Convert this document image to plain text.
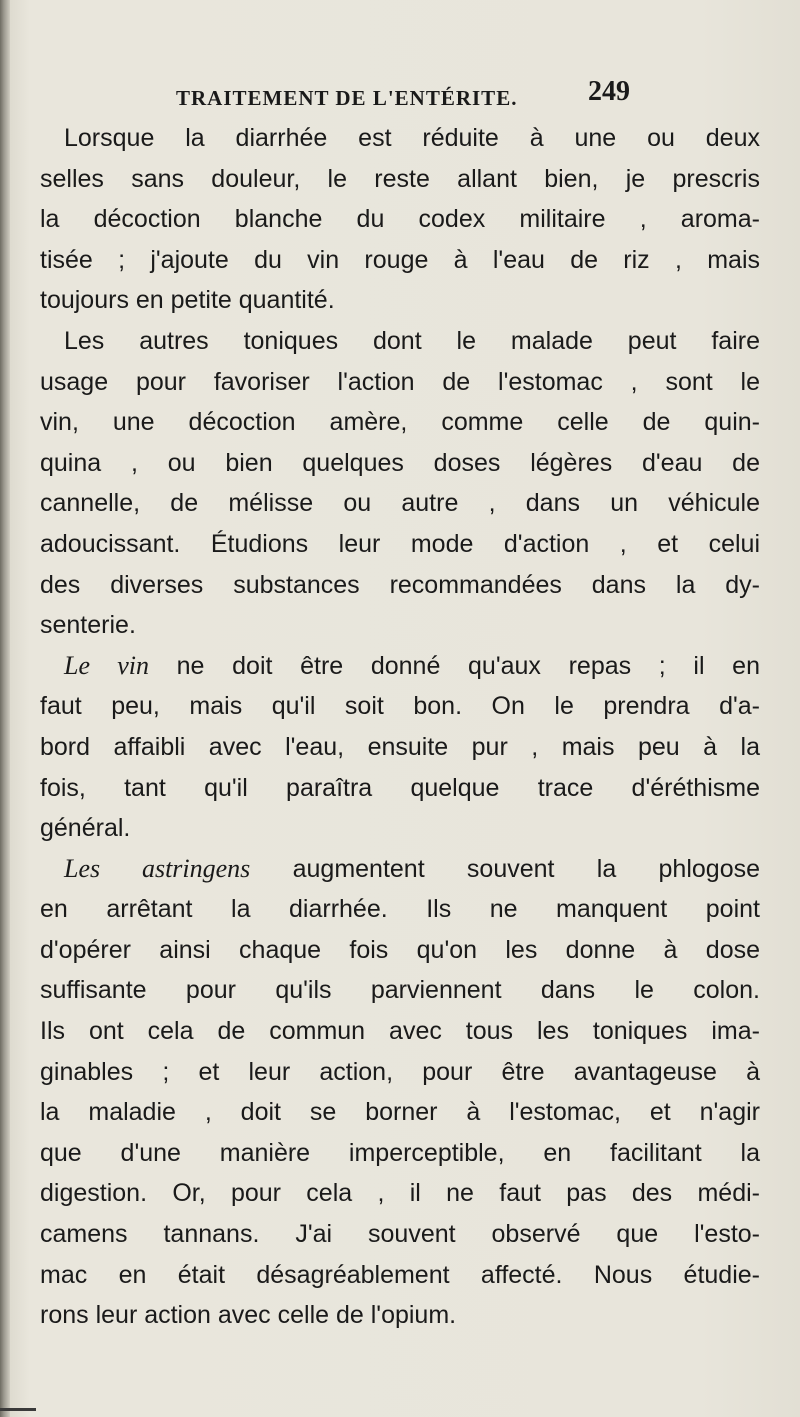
TRAITEMENT DE L'ENTÉRITE.	249
Lorsque la diarrhée est réduite à une ou deux
selles sans douleur, le reste allant bien, je prescris
la décoction blanche du codex militaire , aroma-
tisée ; j'ajoute du vin rouge à l'eau de riz , mais
toujours en petite quantité.
Les autres toniques dont le malade peut faire
usage pour favoriser l'action de l'estomac , sont le
vin, une décoction amère, comme celle de quin-
quina , ou bien quelques doses légères d'eau de
cannelle, de mélisse ou autre , dans un véhicule
adoucissant. Étudions leur mode d'action , et celui
des diverses substances recommandées dans la dy-
senterie.
Le vin ne doit être donné qu'aux repas ; il en
faut peu, mais qu'il soit bon. On le prendra d'a-
bord affaibli avec l'eau, ensuite pur , mais peu à la
fois, tant qu'il paraîtra quelque trace d'éréthisme
général.
Les astringens augmentent souvent la phlogose
en arrêtant la diarrhée. Ils ne manquent point
d'opérer ainsi chaque fois qu'on les donne à dose
suffisante pour qu'ils parviennent dans le colon.
Ils ont cela de commun avec tous les toniques ima-
ginables ; et leur action, pour être avantageuse à
la maladie , doit se borner à l'estomac, et n'agir
que d'une manière imperceptible, en facilitant la
digestion. Or, pour cela , il ne faut pas des médi-
camens tannans. J'ai souvent observé que l'esto-
mac en était désagréablement affecté. Nous étudie-
rons leur action avec celle de l'opium.
